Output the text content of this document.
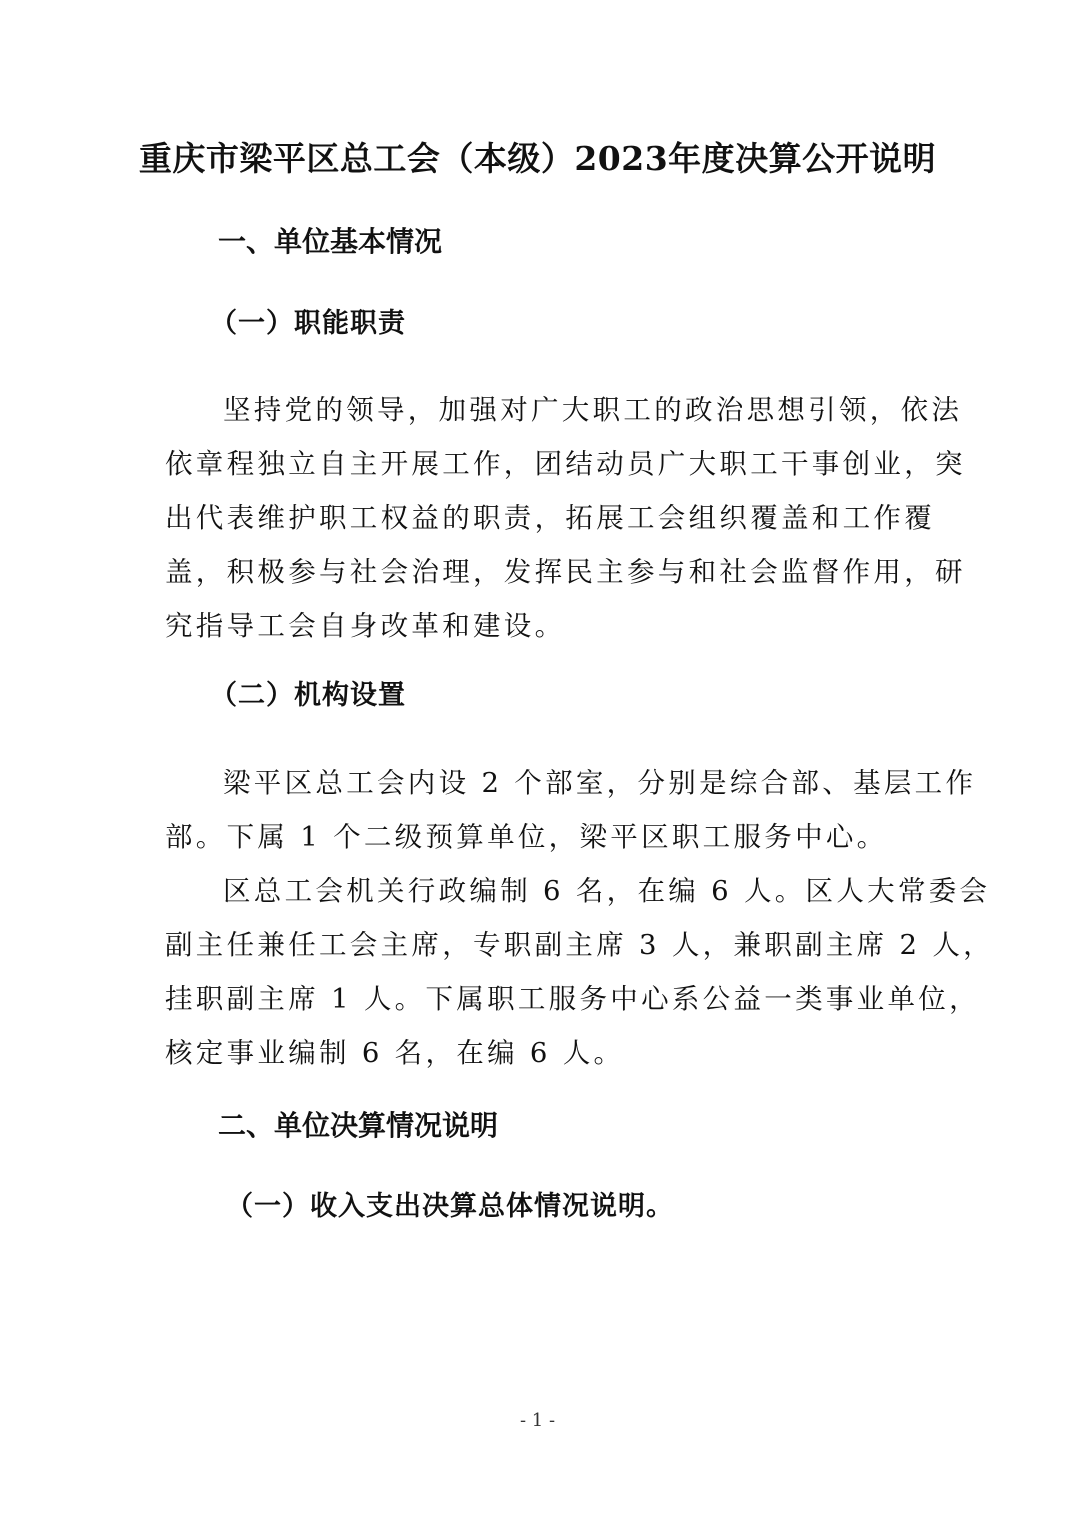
重庆市梁平区总工会（本级）2023年度决算公开说明
一、单位基本情况
（一）职能职责
坚持党的领导，加强对广大职工的政治思想引领，依法
依章程独立自主开展工作，团结动员广大职工干事创业，突
出代表维护职工权益的职责，拓展工会组织覆盖和工作覆
盖，积极参与社会治理，发挥民主参与和社会监督作用，研
究指导工会自身改革和建设。
（二）机构设置
梁平区总工会内设 2 个部室，分别是综合部、基层工作
部。下属 1 个二级预算单位，梁平区职工服务中心。
区总工会机关行政编制 6 名，在编 6 人。区人大常委会
副主任兼任工会主席，专职副主席 3 人，兼职副主席 2 人，
挂职副主席 1 人。下属职工服务中心系公益一类事业单位，
核定事业编制 6 名，在编 6 人。
二、单位决算情况说明
（一）收入支出决算总体情况说明。
- 1 -
